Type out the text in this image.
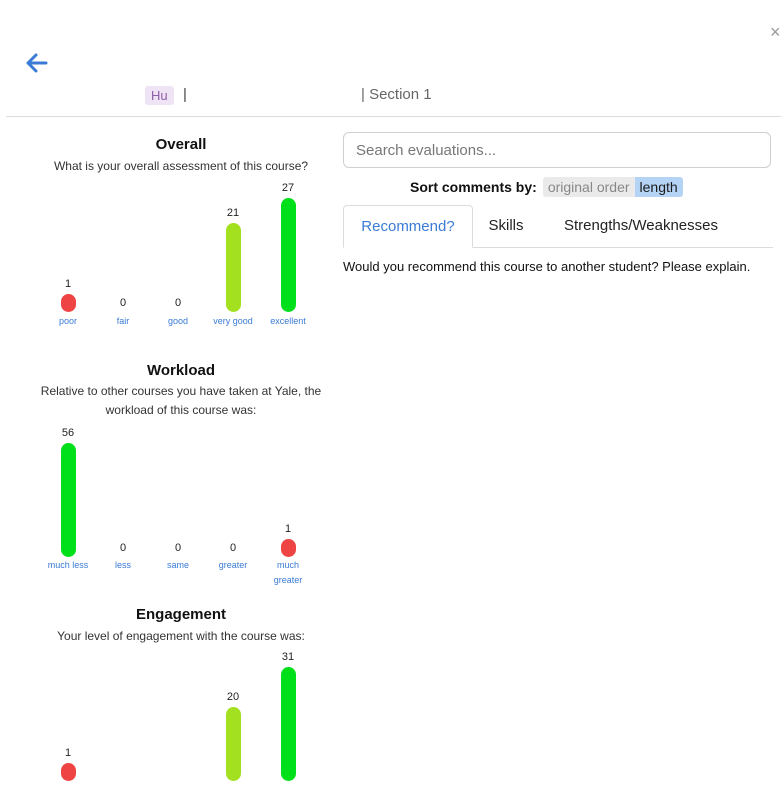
×
Hu	|	| Section 1
Overall
What is your overall assessment of this course?
1
poor
0
fair
0
good
21
very good
27
excellent
Workload
Relative to other courses you have taken at Yale, the workload of this course was:
56
much less
0
less
0
same
0
greater
1
much greater
Engagement
Your level of engagement with the course was:
1
20
31
Search evaluations...
Sort comments by: original order length
Recommend?	Skills	Strengths/Weaknesses
Would you recommend this course to another student? Please explain.
